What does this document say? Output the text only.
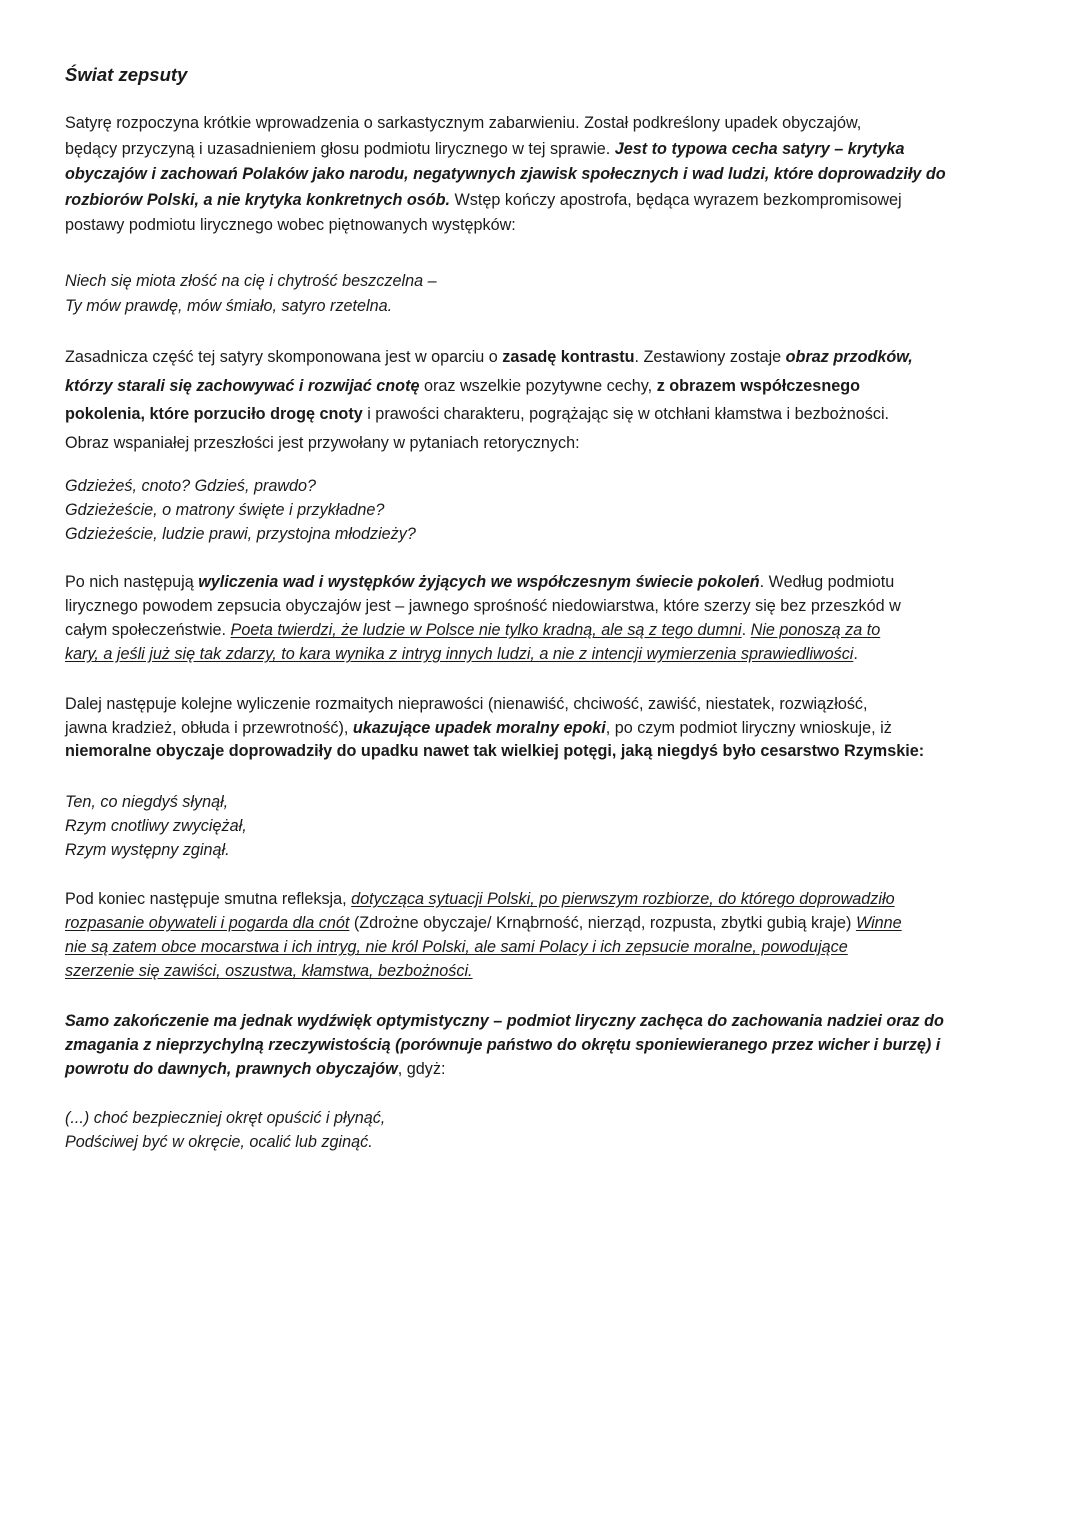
Świat zepsuty

Satyrę rozpoczyna krótkie wprowadzenia o sarkastycznym zabarwieniu. Został podkreślony upadek obyczajów,
będący przyczyną i uzasadnieniem głosu podmiotu lirycznego w tej sprawie. Jest to typowa cecha satyry – krytyka
obyczajów i zachowań Polaków jako narodu, negatywnych zjawisk społecznych i wad ludzi, które doprowadziły do
rozbiorów Polski, a nie krytyka konkretnych osób. Wstęp kończy apostrofa, będąca wyrazem bezkompromisowej
postawy podmiotu lirycznego wobec piętnowanych występków:

Niech się miota złość na cię i chytrość beszczelna –
Ty mów prawdę, mów śmiało, satyro rzetelna.

Zasadnicza część tej satyry skomponowana jest w oparciu o zasadę kontrastu. Zestawiony zostaje obraz przodków,
którzy starali się zachowywać i rozwijać cnotę oraz wszelkie pozytywne cechy, z obrazem współczesnego
pokolenia, które porzuciło drogę cnoty i prawości charakteru, pogrążając się w otchłani kłamstwa i bezbożności.
Obraz wspaniałej przeszłości jest przywołany w pytaniach retorycznych:

Gdzieżeś, cnoto? Gdzieś, prawdo?
Gdzieżeście, o matrony święte i przykładne?
Gdzieżeście, ludzie prawi, przystojna młodzieży?

Po nich następują wyliczenia wad i występków żyjących we współczesnym świecie pokoleń. Według podmiotu
lirycznego powodem zepsucia obyczajów jest – jawnego sprośność niedowiarstwa, które szerzy się bez przeszkód w
całym społeczeństwie. Poeta twierdzi, że ludzie w Polsce nie tylko kradną, ale są z tego dumni. Nie ponoszą za to
kary, a jeśli już się tak zdarzy, to kara wynika z intryg innych ludzi, a nie z intencji wymierzenia sprawiedliwości.

Dalej następuje kolejne wyliczenie rozmaitych nieprawości (nienawiść, chciwość, zawiść, niestatek, rozwiązłość,
jawna kradzież, obłuda i przewrotność), ukazujące upadek moralny epoki, po czym podmiot liryczny wnioskuje, iż
niemoralne obyczaje doprowadziły do upadku nawet tak wielkiej potęgi, jaką niegdyś było cesarstwo Rzymskie:

Ten, co niegdyś słynął,
Rzym cnotliwy zwyciężał,
Rzym występny zginął.

Pod koniec następuje smutna refleksja, dotycząca sytuacji Polski, po pierwszym rozbiorze, do którego doprowadziło
rozpasanie obywateli i pogarda dla cnót (Zdrożne obyczaje/ Krnąbrność, nierząd, rozpusta, zbytki gubią kraje) Winne
nie są zatem obce mocarstwa i ich intryg, nie król Polski, ale sami Polacy i ich zepsucie moralne, powodujące
szerzenie się zawiści, oszustwa, kłamstwa, bezbożności.

Samo zakończenie ma jednak wydźwięk optymistyczny – podmiot liryczny zachęca do zachowania nadziei oraz do
zmagania z nieprzychylną rzeczywistością (porównuje państwo do okrętu sponiewieranego przez wicher i burzę) i
powrotu do dawnych, prawnych obyczajów, gdyż:

(...) choć bezpieczniej okręt opuścić i płynąć,
Podściwej być w okręcie, ocalić lub zginąć.
